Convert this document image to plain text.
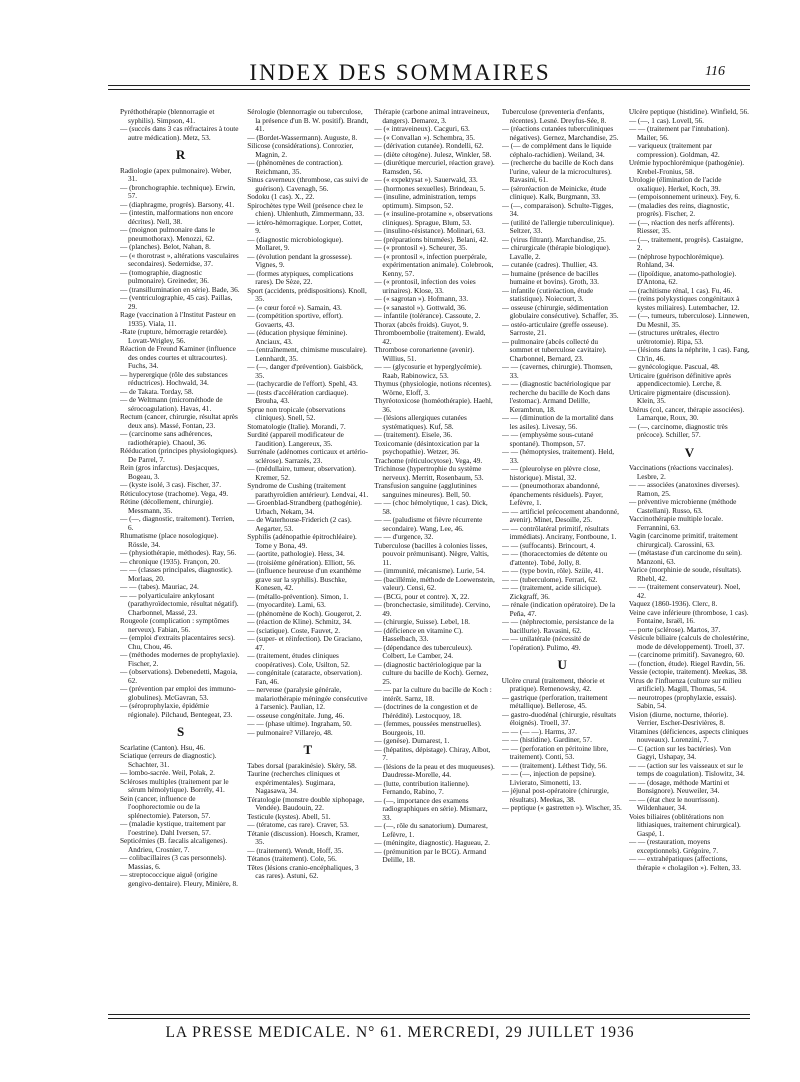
INDEX DES SOMMAIRES	116
Pyréthothérapie (blennorragie et syphilis). Simpson, 41.
— (succès dans 3 cas réfractaires à toute autre médication). Metz, 53.
R
Radiologie (apex pulmonaire). Weber, 31.
— (bronchographie. technique). Erwin, 57.
— (diaphragme, progrès). Barsony, 41.
— (intestin, malformations non encore décrites). Nell, 38.
— (moignon pulmonaire dans le pneumothorax). Menozzi, 62.
— (planches). Belot, Nahan, 8.
— (« thorotrast », altérations vasculaires secondaires). Sedernidse, 37.
— (tomographie, diagnostic pulmonaire). Greineder, 36.
— (transillumination en série). Bade, 36.
— (ventriculographie, 45 cas). Paillas, 29.
Rage (vaccination à l'Institut Pasteur en 1935). Viala, 11.
-Rate (rupture, hémorragie retardée). Lovatt-Wrigley, 56.
Réaction de Freund Kaminer (influence des ondes courtes et ultracourtes). Fuchs, 34.
— hyperergique (rôle des substances réductrices). Hochwald, 34.
— de Takata. Torday, 58.
— de Weltmann (microméthode de sérocoagulation). Havas, 41.
Rectum (cancer, chirurgie, résultat après deux ans). Massé, Fontan, 23.
— (carcinome sans adhérences, radiothérapie). Chaoul, 36.
Rééducation (principes physiologiques). De Parrel, 7.
Rein (gros infarctus). Desjacques, Bogeau, 3.
— (kyste isolé, 3 cas). Fischer, 37.
Réticulocytose (trachome). Vega, 49.
Rétine (décollement, chirurgie). Messmann, 35.
— (—, diagnostic, traitement). Terrien, 6.
Rhumatisme (place nosologique). Rössle, 34.
— (physiothérapie, méthodes). Ray, 56.
— chronique (1935). Françon, 20.
— — (classes principales, diagnostic). Morlaas, 20.
— — (tabes). Mauriac, 24.
— — polyarticulaire ankylosant (parathyroïdectomie, résultat négatif). Charbonnel, Massé, 23.
Rougeole (complication : symptômes nerveux). Fabian, 56.
— (emploi d'extraits placentaires secs). Chu, Chou, 46.
— (méthodes modernes de prophylaxie). Fischer, 2.
— (observations). Debenedetti, Magoia, 62.
— (prévention par emploi des immuno-globulines). McGavran, 53.
— (séroprophylaxie, épidémie régionale). Pilchaud, Bentegeat, 23.
S
Scarlatine (Canton). Hsu, 46.
Sciatique (erreurs de diagnostic). Schachter, 31.
— lombo-sacrée. Weil, Polak, 2.
Scléroses multiples (traitement par le sérum hémolytique). Borrély, 41.
Sein (cancer, influence de l'oophorectomie ou de la splénectomie). Paterson, 57.
— (maladie kystique, traitement par l'oestrine). Dahl Iversen, 57.
Septicémies (B. fæcalis alcaligenes). Andrieu, Crosnier, 7.
— colibacillaires (3 cas personnels). Massias, 6.
— streptococcique aiguë (origine gengivo-dentaire). Fleury, Minière, 8.
Sérologie (blennorragie ou tuberculose, la présence d'un B. W. positif). Brandt, 41.
— (Bordet-Wassermann). Auguste, 8.
Silicose (considérations). Conrozier, Magnin, 2.
— (phénomènes de contraction). Reichmann, 35.
Sinus caverneux (thrombose, cas suivi de guérison). Cavenagh, 56.
Sodoku (1 cas). X., 22.
Spirochètes type Weil (présence chez le chien). Uhlenhuth, Zimmermann, 33.
— ictéro-hémorragique. Lorper, Cottet, 9.
— (diagnostic microbiologique). Mollaret, 9.
— (évolution pendant la grossesse). Vignes, 9.
— (formes atypiques, complications rares). De Sèze, 22.
Sport (accidents, prédispositions). Knoll, 35.
— (« cœur forcé »). Samain, 43.
— (compétition sportive, effort). Govaerts, 43.
— (éducation physique féminine). Anciaux, 43.
— (entraînement, chimisme musculaire). Lennhardt, 35.
— (—, danger d'prévention). Gaisböck, 35.
— (tachycardie de l'effort). Spehl, 43.
— (tests d'accélération cardiaque). Brouha, 43.
Sprue non tropicale (observations cliniques). Snell, 52.
Stomatologie (Italie). Morandi, 7.
Surdité (appareil modificateur de l'audition). Langereux, 35.
Surrénale (adénomes corticaux et artério-sclérose). Sarrazès, 23.
— (médullaire, tumeur, observation). Kremer, 52.
Syndrome de Cushing (traitement parathyroïdien antérieur). Lendvai, 41.
— Groenblad-Strandberg (pathogénie). Urbach, Nekam, 34.
— de Waterhouse-Friderich (2 cas). Aegarter, 53.
Syphilis (adénopathie épitrochléaire). Tome y Bona, 49.
— (aortite, pathologie). Hess, 34.
— (troisième génération). Elliott, 56.
— (influence heureuse d'un exanthème grave sur la syphilis). Buschke, Konesen, 42.
— (métallo-prévention). Simon, 1.
— (myocardite). Lami, 63.
— (phénomène de Koch). Gougerot, 2.
— (réaction de Kline). Schmitz, 34.
— (sciatique). Coste, Fauvet, 2.
— (super- et réinfection). De Graciano, 47.
— (traitement, études cliniques coopératives). Cole, Usilton, 52.
— congénitale (cataracte, observation). Fan, 46.
— nerveuse (paralysie générale, malariothérapie méningée consécutive à l'arsenic). Paulian, 12.
— osseuse congénitale. Jung, 46.
— — (phase ultime). Ingraham, 50.
— pulmonaire? Villarejo, 48.
T
Tabes dorsal (parakinésie). Skéry, 58.
Taurine (recherches cliniques et expérimentales). Sugimara, Nagasawa, 34.
Tératologie (monstre double xiphopage, Vendée). Baudouin, 22.
Testicule (kystes). Abell, 51.
— (tératome, cas rare). Craver, 53.
Tétanie (discussion). Hoesch, Kramer, 35.
— (traitement). Wendt, Hoff, 35.
Tétanos (traitement). Cole, 56.
Têtes (lésions cranio-encéphaliques, 3 cas rares). Astuni, 62.
Thérapie (carbone animal intraveineux, dangers). Demarez, 3.
— (« intraveineux). Cacguri, 63.
— (« Convallan »). Schembra, 35.
— (dérivation cutanée). Rondelli, 62.
— (diète cétogène). Julesz, Winkler, 58.
— (diurétique mercuriel, réaction grave). Ramsden, 56.
— (« expektysat »). Sauerwald, 33.
— (hormones sexuelles). Brindeau, 5.
— (insuline, administration, temps optimum). Simpson, 52.
— (« insuline-protamine », observations cliniques). Sprague, Blum, 53.
— (insulino-résistance). Molinari, 63.
— (préparations bitumées). Belani, 42.
— (« prontosil »). Scheurer, 35.
— (« prontosil », infection puerpérale, expérimentation animale). Colebrook, Kenny, 57.
— (« prontosil, infection des voies urinaires). Klose, 33.
— (« sagrotan »). Hofmann, 33.
— (« sanastol »). Gottwald, 36.
— infantile (tolérance). Cassoute, 2.
Thorax (abcès froids). Guyot, 9.
Thromboembolie (traitement). Ewald, 42.
Thrombose coronarienne (avenir). Willius, 51.
— — (glycosurie et hyperglycémie). Raab, Rabinowicz, 53.
Thymus (physiologie, notions récentes). Wörne, Eloff, 3.
Thyréotoxicose (homéothérapie). Haehl, 36.
— (lésions allergiques cutanées systématiques). Kuf, 58.
— (traitement). Eisele, 36.
Toxicomanie (désintoxication par la psychopathie). Wetzer, 36.
Trachome (réticulocytose). Vega, 49.
Trichinose (hypertrophie du système nerveux). Merritt, Rosenbaum, 53.
Transfusion sanguine (agglutinines sanguines mineures). Bell, 50.
— — (choc hémolytique, 1 cas). Dick, 58.
— — (paludisme et fièvre récurrente secondaire). Wang, Lee, 46.
— — d'urgence, 32.
Tuberculose (bacilles à colonies lisses, pouvoir prémunisant). Nègre, Valtis, 11.
— (immunité, mécanisme). Lurie, 54.
— (bacillémie, méthode de Loewenstein, valeur). Censi, 62.
— (BCG, pour et contre). X, 22.
— (bronchectasie, similitude). Cervino, 49.
— (chirurgie, Suisse). Lebel, 18.
— (déficience en vitamine C). Hasselbach, 33.
— (dépendance des tuberculeux). Colbert, Le Camber, 24.
— (diagnostic bactériologique par la culture du bacille de Koch). Gernez, 25.
— — par la culture du bacille de Koch : intérêt. Sarnz, 18.
— (doctrines de la congestion et de l'hérédité). Lestocquoy, 18.
— (femmes, poussées menstruelles). Bourgeois, 10.
— (genèse). Dumarest, 1.
— (hépatites, dépistage). Chiray, Albot, 7.
— (lésions de la peau et des muqueuses). Daudresse-Morelle, 44.
— (lutte, contribution italienne). Fernando, Rabino, 7.
— (—, importance des examens radiographiques en série). Mismarz, 33.
— (—, rôle du sanatorium). Dumarest, Lefèvre, 1.
— (méningite, diagnostic). Hagueau, 2.
— (prémunition par le BCG). Armand Delille, 18.
Tuberculose (preventeria d'enfants, récentes). Lesné. Dreyfus-Sée, 8.
— (réactions cutanées tuberculiniques négatives). Gernez, Marchandise, 25.
— (— de complément dans le liquide céphalo-rachidien). Weiland, 34.
— (recherche du bacille de Koch dans l'urine, valeur de la microcultures). Ravasini, 61.
— (séroréaction de Meinicke, étude clinique). Kalk, Burgmann, 33.
— (—, comparaison). Schulte-Tigges, 34.
— (utilité de l'allergie tuberculinique). Seltzer, 33.
— (virus filtrant). Marchandise, 25.
— chirurgicale (thérapie biologique). Lavalle, 2.
— cutanée (cadres). Thullier, 43.
— humaine (présence de bacilles humaine et bovins). Groth, 33.
— infantile (cutiréaction, étude statistique). Noiecourt, 3.
— osseuse (chirurgie, sédimentation globulaire consécutive). Schaffer, 35.
— ostéo-articulaire (greffe osseuse). Sarroste, 21.
— pulmonaire (abcès collecté du sommet et tuberculose cavitaire). Charbonnel, Bernard, 23.
— — (cavernes, chirurgie). Thomsen, 33.
— — (diagnostic bactériologique par recherche du bacille de Koch dans l'estomac). Armand Delille, Kerambrun, 18.
— — (diminution de la mortalité dans les asiles). Livesay, 56.
— — (emphysème sous-cutané spontané). Thompson, 57.
— — (hémoptysies, traitement). Held, 33.
— — (pleurolyse en plèvre close, historique). Mistal, 32.
— — (pneumothorax abandonné, épanchements résiduels). Payer, Lefèvre, 1.
— — artificiel précocement abandonné, avenir). Minet, Desoille, 25.
— — contrôlatéral primitif, résultats immédiats). Ancirany, Fontboune, 1.
— — (suffocants). Brincourt, 4.
— — (thoracectomies de détente ou d'attente). Tobé, Jolly, 8.
— — (type bovin, rôle). Szüle, 41.
— — (tuberculome). Ferrari, 62.
— — (traitement, acide silicique). Zickgraff, 36.
— rénale (indication opératoire). De la Peña, 47.
— — (néphrectomie, persistance de la bacillurie). Ravasini, 62.
— — unilatérale (nécessité de l'opération). Pulimo, 49.
U
Ulcère crural (traitement, théorie et pratique). Remenowsky, 42.
— gastrique (perforation, traitement métallique). Bellerose, 45.
— gastro-duodénal (chirurgie, résultats éloignés). Troell, 37.
— — (— —). Harms, 37.
— — (histidine). Gardiner, 57.
— — (perforation en péritoine libre, traitement). Conti, 53.
— — (traitement). Léthest Tidy, 56.
— — (—, injection de pepsine). Livierato, Simonetti, 13.
— jéjunal post-opératoire (chirurgie, résultats). Meekas, 38.
— peptique (« gastretten »). Wischer, 35.
Ulcère peptique (histidine). Winfield, 56.
— (—, 1 cas). Lovell, 56.
— — (traitement par l'intubation). Mailer, 56.
— variqueux (traitement par compression). Goldman, 42.
Urémie hypochlorémique (pathogénie). Krebel-Fronius, 58.
Urologie (élimination de l'acide oxalique). Herkel, Koch, 39.
— (empoisonnement urineux). Fey, 6.
— (maladies des reins, diagnostic, progrès). Fischer, 2.
— (—, réaction des nerfs afférents). Riesser, 35.
— (—, traitement, progrès). Castaigne, 2.
— (néphrose hypochlorémique). Rohland, 34.
— (lipoïdique, anatomo-pathologie). D'Antona, 62.
— (rachitisme rénal, 1 cas). Fu, 46.
— (reins polykystiques congénitaux à kystes miliaires). Lutembacher, 12.
— (—, tumeurs, tuberculose). Linnewen, Du Mesnil, 35.
— (structures urétrales, électro urétrotomie). Ripa, 53.
— (lésions dans la néphrite, 1 cas). Fang, Ch'in, 46.
— gynécologique. Pascual, 48.
Urticaire (guérison définitive après appendicectomie). Lerche, 8.
Urticaire pigmentaire (discussion). Klein, 35.
Utérus (col, cancer, thérapie associées). Lamarque, Roux, 30.
— (—, carcinome, diagnostic très précoce). Schiller, 57.
V
Vaccinations (réactions vaccinales). Lesbre, 2.
— — associées (anatoxines diverses). Ramon, 25.
— préventive microbienne (méthode Castellani). Russo, 63.
Vaccinothérapie multiple locale. Ferrannini, 63.
Vagin (carcinome primitif, traitement chirurgical). Carossini, 63.
— (métastase d'un carcinome du sein). Manzoni, 63.
Varice (morphinie de soude, résultats). Rhebl, 42.
— — (traitement conservateur). Noel, 42.
Vaquez (1860-1936). Clerc, 8.
Veine cave inférieure (thrombose, 1 cas). Fontaine, Israël, 16.
— porte (sclérose). Martos, 37.
Vésicule biliaire (calculs de cholestérine, mode de développement). Troell, 37.
— (carcinome primitif). Savanegro, 60.
— (fonction, étude). Riegel Ravdin, 56.
Vessie (ectopie, traitement). Meekas, 38.
Virus de l'influenza (culture sur milieu artificiel). Magill, Thomas, 54.
— neurotropes (prophylaxie, essais). Sabin, 54.
Vision (diurne, nocturne, théorie). Verrier, Escher-Desrivières, 8.
Vitamines (déficiences, aspects cliniques nouveaux). Lorenzini, 7.
— C (action sur les bactéries). Von Gagyi, Ushapay, 34.
— — (action sur les vaisseaux et sur le temps de coagulation). Tislowitz, 34.
— — (dosage, méthode Martini et Bonsignore). Neuweiler, 34.
— — (état chez le nourrisson). Wildenhauer, 34.
Voies biliaires (oblitérations non lithiasiques, traitement chirurgical). Gaspé, 1.
— — (restauration, moyens exceptionnels). Grégoire, 7.
— — extrahépatiques (affections, thérapie « cholagilon »). Felten, 33.
LA PRESSE MEDICALE. N° 61. MERCREDI, 29 JUILLET 1936
